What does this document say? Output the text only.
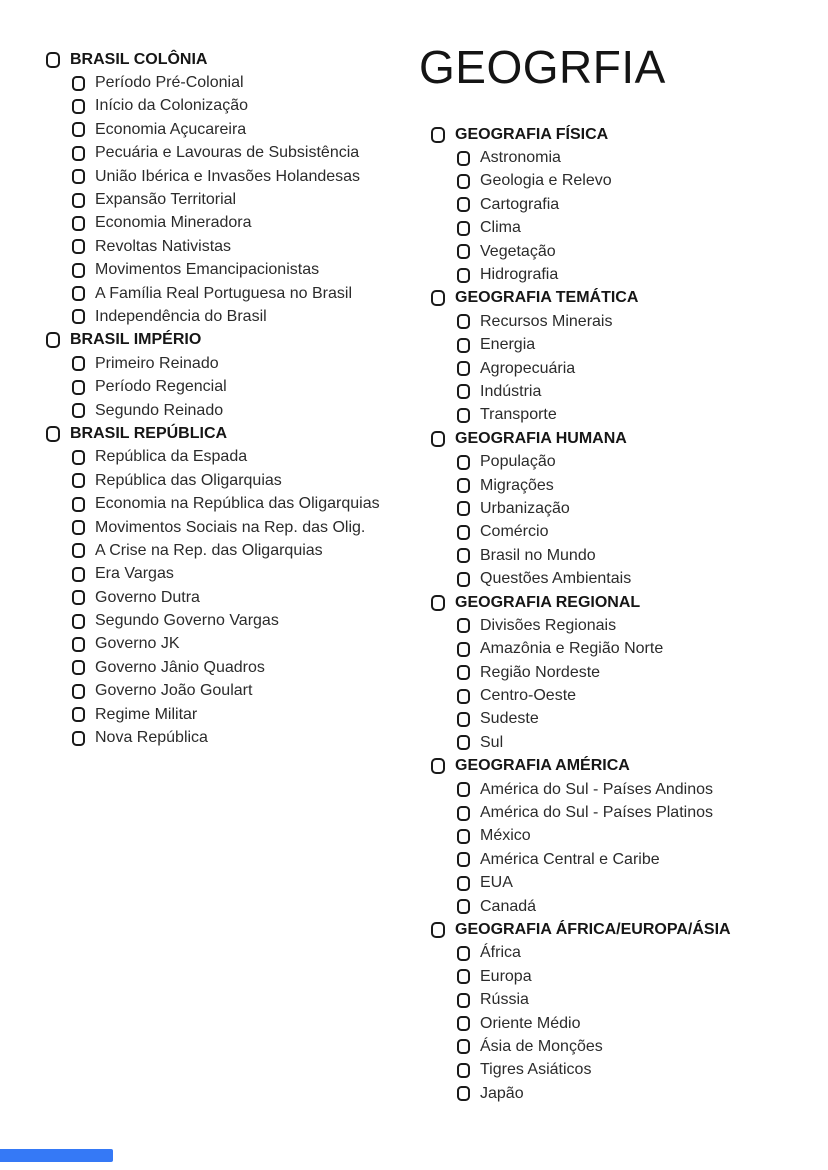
GEOGRFIA
BRASIL COLÔNIA
Período Pré-Colonial
Início da Colonização
Economia Açucareira
Pecuária e Lavouras de Subsistência
União Ibérica e Invasões Holandesas
Expansão Territorial
Economia Mineradora
Revoltas Nativistas
Movimentos Emancipacionistas
A Família Real Portuguesa no Brasil
Independência do Brasil
BRASIL IMPÉRIO
Primeiro Reinado
Período Regencial
Segundo Reinado
BRASIL REPÚBLICA
República da Espada
República das Oligarquias
Economia na República das Oligarquias
Movimentos Sociais na Rep. das Olig.
A Crise na Rep. das Oligarquias
Era Vargas
Governo Dutra
Segundo Governo Vargas
Governo JK
Governo Jânio Quadros
Governo João Goulart
Regime Militar
Nova República
GEOGRAFIA FÍSICA
Astronomia
Geologia e Relevo
Cartografia
Clima
Vegetação
Hidrografia
GEOGRAFIA TEMÁTICA
Recursos Minerais
Energia
Agropecuária
Indústria
Transporte
GEOGRAFIA HUMANA
População
Migrações
Urbanização
Comércio
Brasil no Mundo
Questões Ambientais
GEOGRAFIA REGIONAL
Divisões Regionais
Amazônia e Região Norte
Região Nordeste
Centro-Oeste
Sudeste
Sul
GEOGRAFIA AMÉRICA
América do Sul - Países Andinos
América do Sul - Países Platinos
México
América Central e Caribe
EUA
Canadá
GEOGRAFIA ÁFRICA/EUROPA/ÁSIA
África
Europa
Rússia
Oriente Médio
Ásia de Monções
Tigres Asiáticos
Japão
